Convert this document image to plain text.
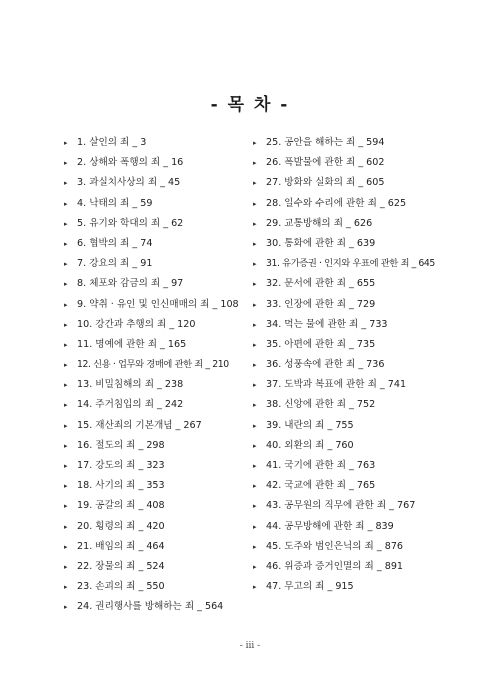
- 목 차 -
▸ 1. 살인의 죄 _ 3
▸ 2. 상해와 폭행의 죄 _ 16
▸ 3. 과실치사상의 죄 _ 45
▸ 4. 낙태의 죄 _ 59
▸ 5. 유기와 학대의 죄 _ 62
▸ 6. 협박의 죄 _ 74
▸ 7. 강요의 죄 _ 91
▸ 8. 체포와 감금의 죄 _ 97
▸ 9. 약취 · 유인 및 인신매매의 죄 _ 108
▸ 10. 강간과 추행의 죄 _ 120
▸ 11. 명예에 관한 죄 _ 165
▸ 12. 신용 · 업무와 경매에 관한 죄 _ 210
▸ 13. 비밀침해의 죄 _ 238
▸ 14. 주거침입의 죄 _ 242
▸ 15. 재산죄의 기본개념 _ 267
▸ 16. 절도의 죄 _ 298
▸ 17. 강도의 죄 _ 323
▸ 18. 사기의 죄 _ 353
▸ 19. 공갈의 죄 _ 408
▸ 20. 횡령의 죄 _ 420
▸ 21. 배임의 죄 _ 464
▸ 22. 장물의 죄 _ 524
▸ 23. 손괴의 죄 _ 550
▸ 24. 권리행사를 방해하는 죄 _ 564
▸ 25. 공안을 해하는 죄 _ 594
▸ 26. 폭발물에 관한 죄 _ 602
▸ 27. 방화와 실화의 죄 _ 605
▸ 28. 일수와 수리에 관한 죄 _ 625
▸ 29. 교통방해의 죄 _ 626
▸ 30. 통화에 관한 죄 _ 639
▸ 31. 유가증권 · 인지와 우표에 관한 죄 _ 645
▸ 32. 문서에 관한 죄 _ 655
▸ 33. 인장에 관한 죄 _ 729
▸ 34. 먹는 물에 관한 죄 _ 733
▸ 35. 아편에 관한 죄 _ 735
▸ 36. 성풍속에 관한 죄 _ 736
▸ 37. 도박과 복표에 관한 죄 _ 741
▸ 38. 신앙에 관한 죄 _ 752
▸ 39. 내란의 죄 _ 755
▸ 40. 외환의 죄 _ 760
▸ 41. 국기에 관한 죄 _ 763
▸ 42. 국교에 관한 죄 _ 765
▸ 43. 공무원의 직무에 관한 죄 _ 767
▸ 44. 공무방해에 관한 죄 _ 839
▸ 45. 도주와 범인은닉의 죄 _ 876
▸ 46. 위증과 증거인멸의 죄 _ 891
▸ 47. 무고의 죄 _ 915
- iii -
